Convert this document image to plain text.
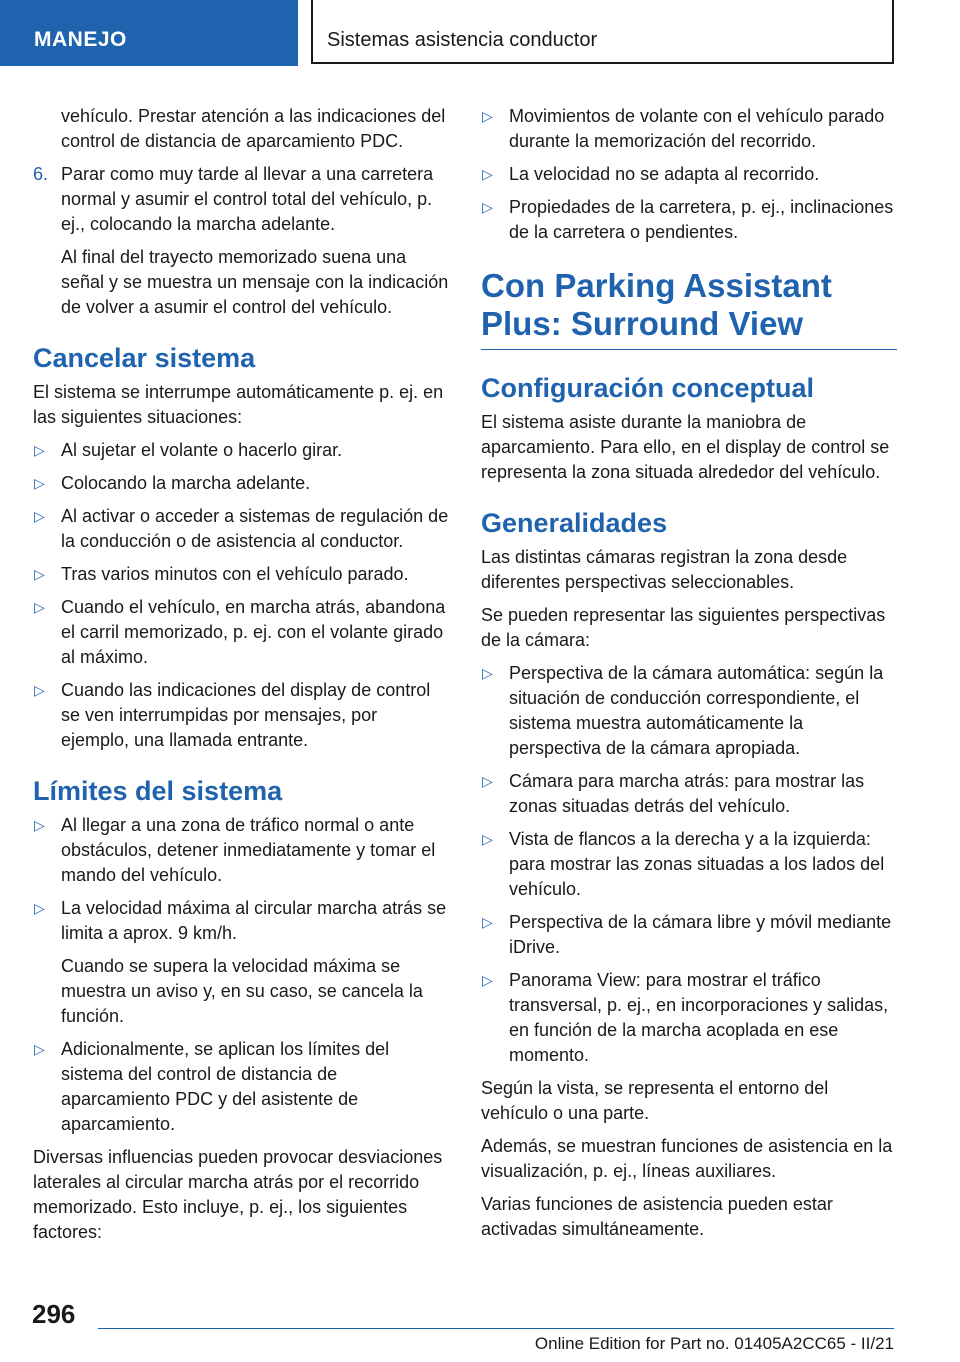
MANEJO	Sistemas asistencia conductor

vehículo. Prestar atención a las indicaciones del control de distancia de aparcamiento PDC.

6. Parar como muy tarde al llevar a una carretera normal y asumir el control total del vehículo, p. ej., colocando la marcha adelante.
Al final del trayecto memorizado suena una señal y se muestra un mensaje con la indicación de volver a asumir el control del vehículo.
Cancelar sistema

El sistema se interrumpe automáticamente p. ej. en las siguientes situaciones:

▷ Al sujetar el volante o hacerlo girar.
▷ Colocando la marcha adelante.
▷ Al activar o acceder a sistemas de regulación de la conducción o de asistencia al conductor.
▷ Tras varios minutos con el vehículo parado.
▷ Cuando el vehículo, en marcha atrás, abandona el carril memorizado, p. ej. con el volante girado al máximo.
▷ Cuando las indicaciones del display de control se ven interrumpidas por mensajes, por ejemplo, una llamada entrante.
Límites del sistema
▷ Al llegar a una zona de tráfico normal o ante obstáculos, detener inmediatamente y tomar el mando del vehículo.
▷ La velocidad máxima al circular marcha atrás se limita a aprox. 9 km/h.
Cuando se supera la velocidad máxima se muestra un aviso y, en su caso, se cancela la función.
▷ Adicionalmente, se aplican los límites del sistema del control de distancia de aparcamiento PDC y del asistente de aparcamiento.

Diversas influencias pueden provocar desviaciones laterales al circular marcha atrás por el recorrido memorizado. Esto incluye, p. ej., los siguientes factores:

▷ Movimientos de volante con el vehículo parado durante la memorización del recorrido.
▷ La velocidad no se adapta al recorrido.
▷ Propiedades de la carretera, p. ej., inclinaciones de la carretera o pendientes.
Con Parking Assistant Plus: Surround View
Configuración conceptual

El sistema asiste durante la maniobra de aparcamiento. Para ello, en el display de control se representa la zona situada alrededor del vehículo.

Generalidades

Las distintas cámaras registran la zona desde diferentes perspectivas seleccionables.

Se pueden representar las siguientes perspectivas de la cámara:

▷ Perspectiva de la cámara automática: según la situación de conducción correspondiente, el sistema muestra automáticamente la perspectiva de la cámara apropiada.
▷ Cámara para marcha atrás: para mostrar las zonas situadas detrás del vehículo.
▷ Vista de flancos a la derecha y a la izquierda: para mostrar las zonas situadas a los lados del vehículo.
▷ Perspectiva de la cámara libre y móvil mediante iDrive.
▷ Panorama View: para mostrar el tráfico transversal, p. ej., en incorporaciones y salidas, en función de la marcha acoplada en ese momento.

Según la vista, se representa el entorno del vehículo o una parte.

Además, se muestran funciones de asistencia en la visualización, p. ej., líneas auxiliares.

Varias funciones de asistencia pueden estar activadas simultáneamente.

296
Online Edition for Part no. 01405A2CC65 - II/21
